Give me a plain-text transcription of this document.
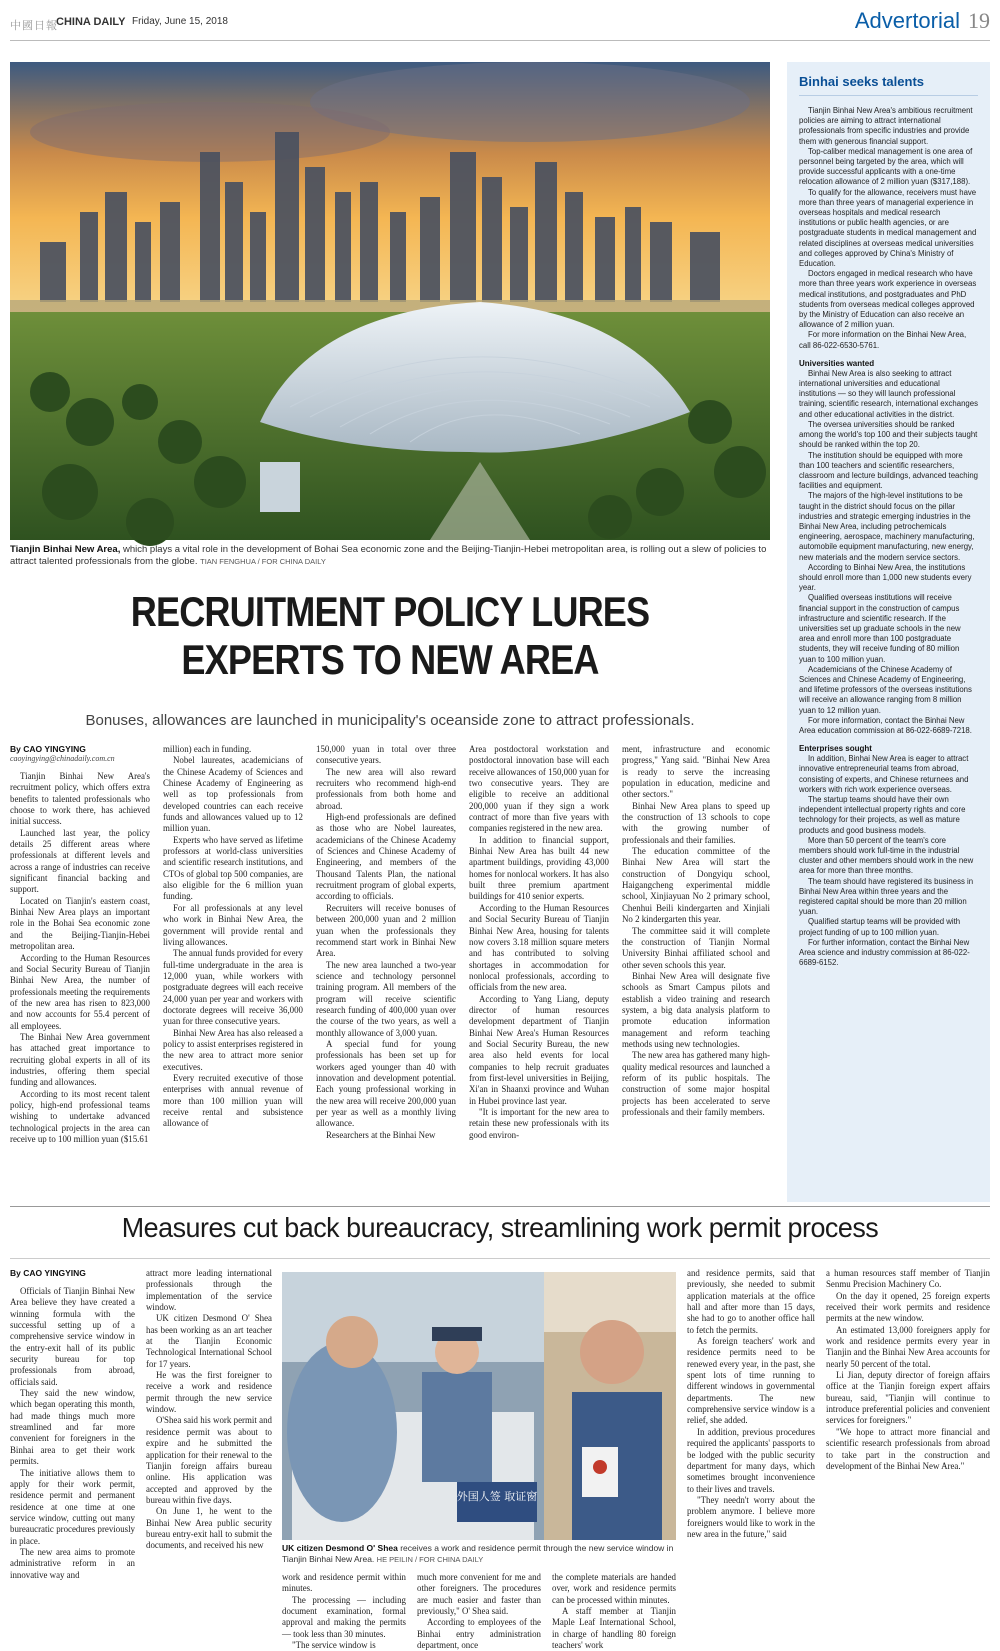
中國日報
CHINA DAILY Friday, June 15, 2018	Advertorial 19
Tianjin Binhai New Area, which plays a vital role in the development of Bohai Sea economic zone and the Beijing-Tianjin-Hebei metropolitan area, is rolling out a slew of policies to attract talented professionals from the globe. TIAN FENGHUA / FOR CHINA DAILY
Binhai seeks talents

Tianjin Binhai New Area's ambitious recruitment policies are aiming to attract international professionals from specific industries and provide them with generous financial support.

Top-caliber medical management is one area of personnel being targeted by the area, which will provide successful applicants with a one-time relocation allowance of 2 million yuan ($317,188).

To qualify for the allowance, receivers must have more than three years of managerial experience in overseas hospitals and medical research institutions or public health agencies, or are postgraduate students in medical management and related disciplines at overseas medical universities and colleges approved by China's Ministry of Education.

Doctors engaged in medical research who have more than three years work experience in overseas medical institutions, and postgraduates and PhD students from overseas medical colleges approved by the Ministry of Education can also receive an allowance of 2 million yuan.

For more information on the Binhai New Area, call 86-022-6530-5761.

Universities wanted

Binhai New Area is also seeking to attract international universities and educational institutions — so they will launch professional training, scientific research, international exchanges and other educational activities in the district.

The oversea universities should be ranked among the world's top 100 and their subjects taught should be ranked within the top 20.

The institution should be equipped with more than 100 teachers and scientific researchers, classroom and lecture buildings, advanced teaching facilities and equipment.

The majors of the high-level institutions to be taught in the district should focus on the pillar industries and strategic emerging industries in the Binhai New Area, including petrochemicals engineering, aerospace, machinery manufacturing, automobile equipment manufacturing, new energy, new materials and the modern service sectors.

According to Binhai New Area, the institutions should enroll more than 1,000 new students every year.

Qualified overseas institutions will receive financial support in the construction of campus infrastructure and scientific research. If the universities set up graduate schools in the new area and enroll more than 100 postgraduate students, they will receive funding of 80 million yuan to 100 million yuan.

Academicians of the Chinese Academy of Sciences and Chinese Academy of Engineering, and lifetime professors of the overseas institutions will receive an allowance ranging from 8 million yuan to 12 million yuan.

For more information, contact the Binhai New Area education commission at 86-022-6689-7218.

Enterprises sought

In addition, Binhai New Area is eager to attract innovative entrepreneurial teams from abroad, consisting of experts, and Chinese returnees and workers with rich work experience overseas.

The startup teams should have their own independent intellectual property rights and core technology for their projects, as well as mature products and good business models.

More than 50 percent of the team's core members should work full-time in the industrial cluster and other members should work in the new area for more than three months.

The team should have registered its business in Binhai New Area within three years and the registered capital should be more than 20 million yuan.

Qualified startup teams will be provided with project funding of up to 100 million yuan.

For further information, contact the Binhai New Area science and industry commission at 86-022-6689-6152.

RECRUITMENT POLICY LURES
EXPERTS TO NEW AREA
Bonuses, allowances are launched in municipality's oceanside zone to attract professionals.
By CAO YINGYING
caoyingying@chinadaily.com.cn

Tianjin Binhai New Area's recruitment policy, which offers extra benefits to talented professionals who choose to work there, has achieved initial success.

Launched last year, the policy details 25 different areas where professionals at different levels and across a range of industries can receive significant financial backing and support.

Located on Tianjin's eastern coast, Binhai New Area plays an important role in the Bohai Sea economic zone and the Beijing-Tianjin-Hebei metropolitan area.

According to the Human Resources and Social Security Bureau of Tianjin Binhai New Area, the number of professionals meeting the requirements of the new area has risen to 823,000 and now accounts for 55.4 percent of all employees.

The Binhai New Area government has attached great importance to recruiting global experts in all of its industries, offering them special funding and allowances.

According to its most recent talent policy, high-end professional teams wishing to undertake advanced technological projects in the area can receive up to 100 million yuan ($15.61

million) each in funding.

Nobel laureates, academicians of the Chinese Academy of Sciences and Chinese Academy of Engineering as well as top professionals from developed countries can each receive funds and allowances valued up to 12 million yuan.

Experts who have served as lifetime professors at world-class universities and scientific research institutions, and CTOs of global top 500 companies, are also eligible for the 6 million yuan funding.

For all professionals at any level who work in Binhai New Area, the government will provide rental and living allowances.

The annual funds provided for every full-time undergraduate in the area is 12,000 yuan, while workers with postgraduate degrees will each receive 24,000 yuan per year and workers with doctorate degrees will receive 36,000 yuan for three consecutive years.

Binhai New Area has also released a policy to assist enterprises registered in the new area to attract more senior executives.

Every recruited executive of those enterprises with annual revenue of more than 100 million yuan will receive rental and subsistence allowance of

150,000 yuan in total over three consecutive years.

The new area will also reward recruiters who recommend high-end professionals from both home and abroad.

High-end professionals are defined as those who are Nobel laureates, academicians of the Chinese Academy of Sciences and Chinese Academy of Engineering, and members of the Thousand Talents Plan, the national recruitment program of global experts, according to officials.

Recruiters will receive bonuses of between 200,000 yuan and 2 million yuan when the professionals they recommend start work in Binhai New Area.

The new area launched a two-year science and technology personnel training program. All members of the program will receive scientific research funding of 400,000 yuan over the course of the two years, as well a monthly allowance of 3,000 yuan.

A special fund for young professionals has been set up for workers aged younger than 40 with innovation and development potential. Each young professional working in the new area will receive 200,000 yuan per year as well as a monthly living allowance.

Researchers at the Binhai New

Area postdoctoral workstation and postdoctoral innovation base will each receive allowances of 150,000 yuan for two consecutive years. They are eligible to receive an additional 200,000 yuan if they sign a work contract of more than five years with companies registered in the new area.

In addition to financial support, Binhai New Area has built 44 new apartment buildings, providing 43,000 homes for nonlocal workers. It has also built three premium apartment buildings for 410 senior experts.

According to the Human Resources and Social Security Bureau of Tianjin Binhai New Area, housing for talents now covers 3.18 million square meters and has contributed to solving shortages in accommodation for nonlocal professionals, according to officials from the new area.

According to Yang Liang, deputy director of human resources development department of Tianjin Binhai New Area's Human Resources and Social Security Bureau, the new area also held events for local companies to help recruit graduates from first-level universities in Beijing, Xi'an in Shaanxi province and Wuhan in Hubei province last year.

"It is important for the new area to retain these new professionals with its good environ-

ment, infrastructure and economic progress," Yang said. "Binhai New Area is ready to serve the increasing population in education, medicine and other sectors."

Binhai New Area plans to speed up the construction of 13 schools to cope with the growing number of professionals and their families.

The education committee of the Binhai New Area will start the construction of Dongyiqu school, Haigangcheng experimental middle school, Xinjiayuan No 2 primary school, Chenhui Beili kindergarten and Xinjiali No 2 kindergarten this year.

The committee said it will complete the construction of Tianjin Normal University Binhai affiliated school and other seven schools this year.

Binhai New Area will designate five schools as Smart Campus pilots and establish a video training and research system, a big data analysis platform to promote education information management and reform teaching methods using new technologies.

The new area has gathered many high-quality medical resources and launched a reform of its public hospitals. The construction of some major hospital projects has been accelerated to serve professionals and their family members.

Measures cut back bureaucracy, streamlining work permit process
By CAO YINGYING

Officials of Tianjin Binhai New Area believe they have created a winning formula with the successful setting up of a comprehensive service window in the entry-exit hall of its public security bureau for top professionals from abroad, officials said.

They said the new window, which began operating this month, had made things much more streamlined and far more convenient for foreigners in the Binhai area to get their work permits.

The initiative allows them to apply for their work permit, residence permit and permanent residence at one time at one service window, cutting out many bureaucratic procedures previously in place.

The new area aims to promote administrative reform in an innovative way and

attract more leading international professionals through the implementation of the service window.

UK citizen Desmond O' Shea has been working as an art teacher at the Tianjin Economic Technological International School for 17 years.

He was the first foreigner to receive a work and residence permit through the new service window.

O'Shea said his work permit and residence permit was about to expire and he submitted the application for their renewal to the Tianjin foreign affairs bureau online. His application was accepted and approved by the bureau within five days.

On June 1, he went to the Binhai New Area public security bureau entry-exit hall to submit the documents, and received his new

外国人签 取证窗
UK citizen Desmond O' Shea receives a work and residence permit through the new service window in Tianjin Binhai New Area. HE PEILIN / FOR CHINA DAILY

work and residence permit within minutes.

The processing — including document examination, formal approval and making the permits — took less than 30 minutes.

"The service window is

much more convenient for me and other foreigners. The procedures are much easier and faster than previously," O' Shea said.

According to employees of the Binhai entry administration department, once

the complete materials are handed over, work and residence permits can be processed within minutes.

A staff member at Tianjin Maple Leaf International School, in charge of handling 80 foreign teachers' work

and residence permits, said that previously, she needed to submit application materials at the office hall and after more than 15 days, she had to go to another office hall to fetch the permits.

As foreign teachers' work and residence permits need to be renewed every year, in the past, she spent lots of time running to different windows in governmental departments. The new comprehensive service window is a relief, she added.

In addition, previous procedures required the applicants' passports to be lodged with the public security department for many days, which sometimes brought inconvenience to their lives and travels.

"They needn't worry about the problem anymore. I believe more foreigners would like to work in the new area in the future," said

a human resources staff member of Tianjin Senmu Precision Machinery Co.

On the day it opened, 25 foreign experts received their work permits and residence permits at the new window.

An estimated 13,000 foreigners apply for work and residence permits every year in Tianjin and the Binhai New Area accounts for nearly 50 percent of the total.

Li Jian, deputy director of foreign affairs office at the Tianjin foreign expert affairs bureau, said, "Tianjin will continue to introduce preferential policies and convenient services for foreigners."

"We hope to attract more financial and scientific research professionals from abroad to take part in the construction and development of the Binhai New Area."
